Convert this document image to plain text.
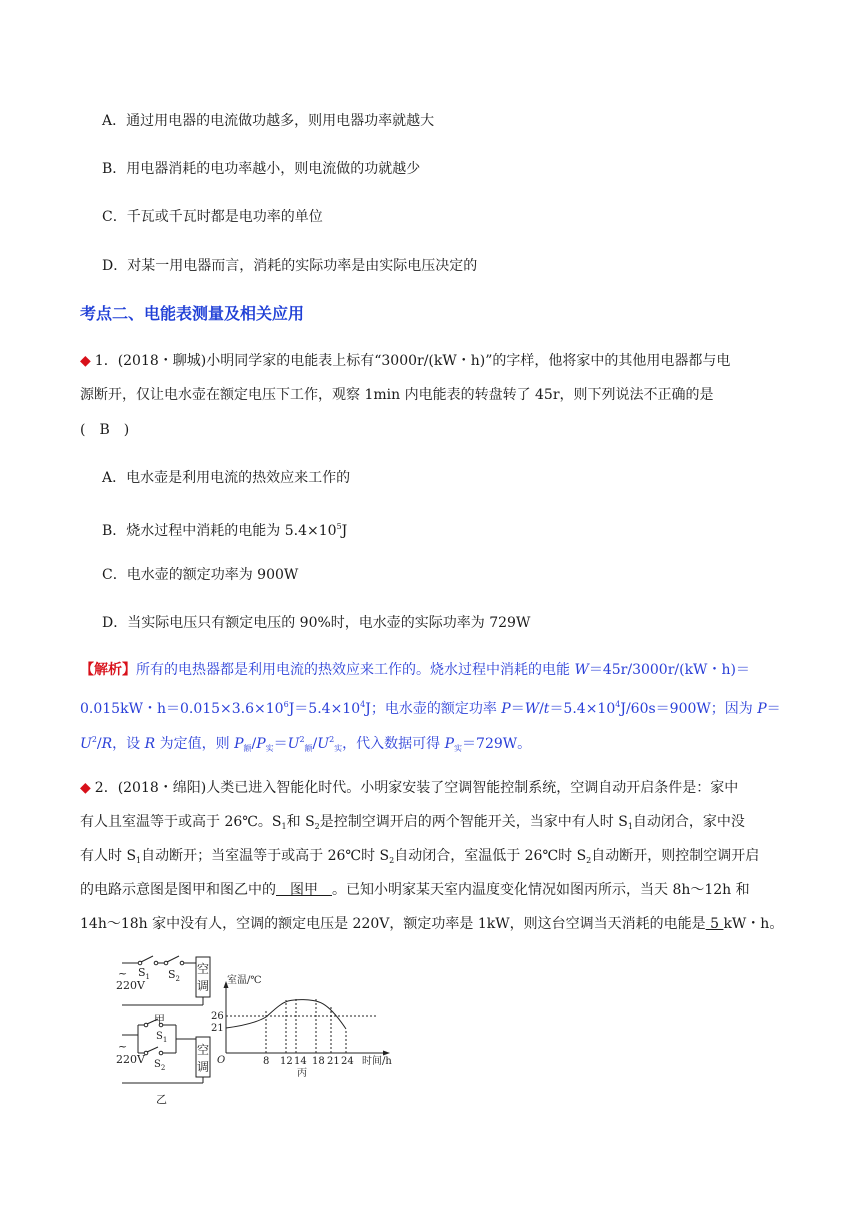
A．通过用电器的电流做功越多，则用电器功率就越大
B．用电器消耗的电功率越小，则电流做的功就越少
C．千瓦或千瓦时都是电功率的单位
D．对某一用电器而言，消耗的实际功率是由实际电压决定的
考点二、电能表测量及相关应用
◆ 1．(2018・聊城)小明同学家的电能表上标有“3000r/(kW・h)”的字样，他将家中的其他用电器都与电
源断开，仅让电水壶在额定电压下工作，观察 1min 内电能表的转盘转了 45r，则下列说法不正确的是
(　B　)
A．电水壶是利用电流的热效应来工作的
B．烧水过程中消耗的电能为 $5.4\times 10^5J$
C．电水壶的额定功率为 900W
D．当实际电压只有额定电压的 90%时，电水壶的实际功率为 729W
【解析】所有的电热器都是利用电流的热效应来工作的。烧水过程中消耗的电能 W＝45r/3000r/(kW・h)＝
0.015kW・$h=0.015\times 3.6\times 10^6J=5.4\times 10^4J$；电水壶的额定功率 $P=W/t=5.4\times 10^4J/60s=900W$；因为 P＝
$U^2/R$，设 R 为定值，则 $P_额/P_实=U^2_额/U^2_实$，代入数据可得 $P_实=729W$。
◆ 2．(2018・绵阳)人类已进入智能化时代。小明家安装了空调智能控制系统，空调自动开启条件是：家中
有人且室温等于或高于 26℃。$S_1$和 $S_2$是控制空调开启的两个智能开关，当家中有人时 $S_1$自动闭合，家中没
有人时 $S_1$自动断开；当室温等于或高于 26℃时 $S_2$自动闭合，室温低于 26℃时 $S_2$自动断开，则控制空调开启
的电路示意图是图甲和图乙中的　图甲　。已知小明家某天室内温度变化情况如图丙所示，当天 8h～12h 和
14h～18h 家中没有人，空调的额定电压是 220V，额定功率是 1kW，则这台空调当天消耗的电能是 5 kW・h。
~
220V
$S_1$ $S_2$
空
调
甲
~
220V
$S_1$
$S_2$
空
调
乙
室温/℃
26
21
O	8 12 14 18 21 24 时间/h
丙
